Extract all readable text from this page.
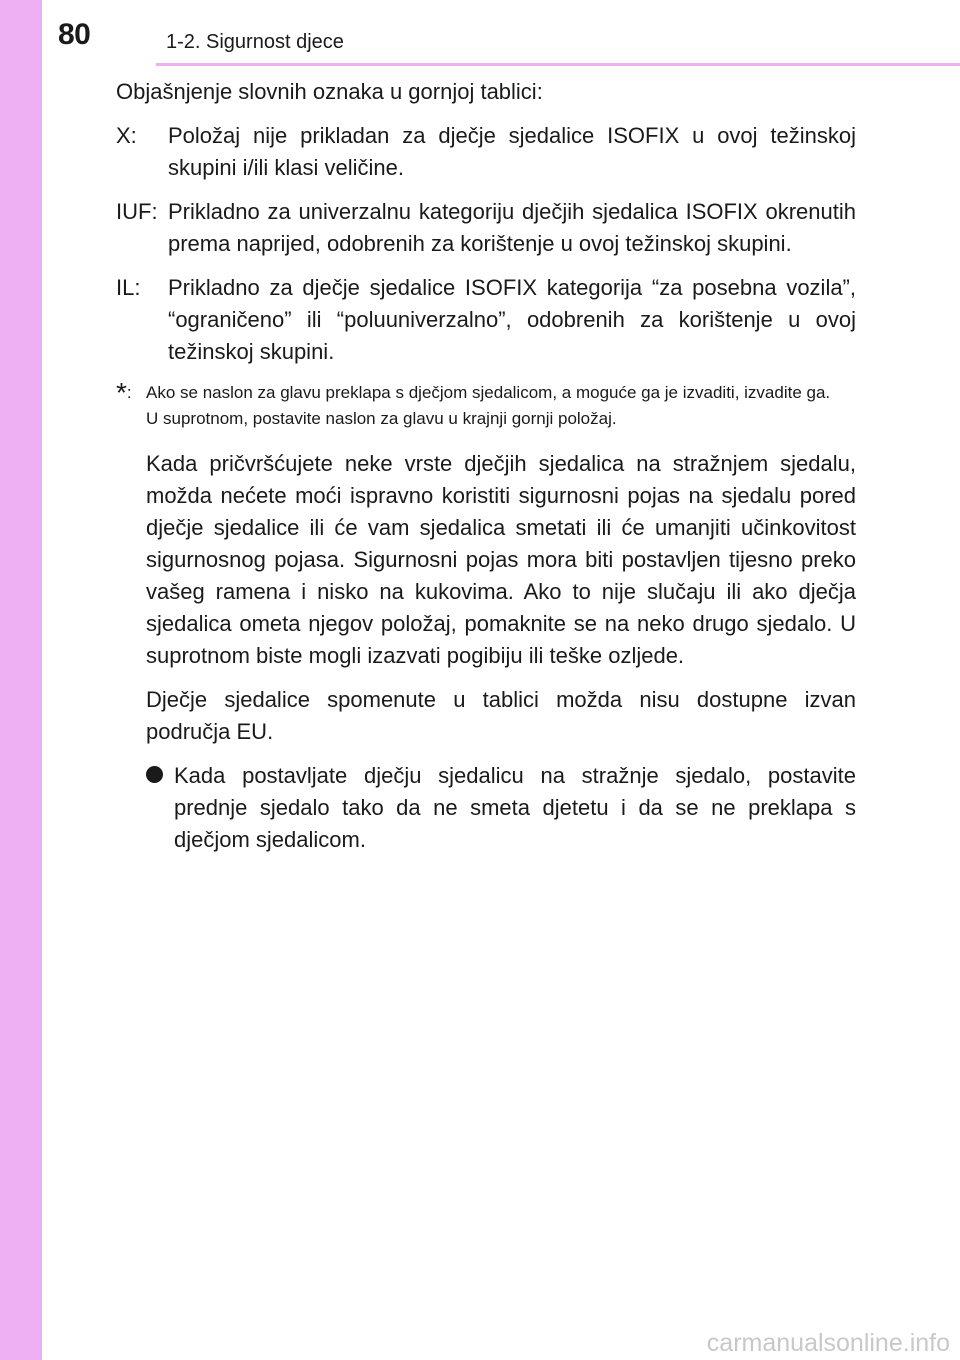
80	1-2. Sigurnost djece

Objašnjenje slovnih oznaka u gornjoj tablici:

X:	Položaj nije prikladan za dječje sjedalice ISOFIX u ovoj težinskoj skupini i/ili klasi veličine.
IUF: Prikladno za univerzalnu kategoriju dječjih sjedalica ISOFIX okrenutih prema naprijed, odobrenih za korištenje u ovoj težinskoj skupini.
IL:	Prikladno za dječje sjedalice ISOFIX kategorija “za posebna vozila”, “ograničeno” ili “poluuniverzalno”, odobrenih za korištenje u ovoj težinskoj skupini.
*: Ako se naslon za glavu preklapa s dječjom sjedalicom, a moguće ga je izvaditi, izvadite ga.
U suprotnom, postavite naslon za glavu u krajnji gornji položaj.

Kada pričvršćujete neke vrste dječjih sjedalica na stražnjem sjedalu, možda nećete moći ispravno koristiti sigurnosni pojas na sjedalu pored dječje sjedalice ili će vam sjedalica smetati ili će umanjiti učinkovitost sigurnosnog pojasa. Sigurnosni pojas mora biti postavljen tijesno preko vašeg ramena i nisko na kukovima. Ako to nije slučaju ili ako dječja sjedalica ometa njegov položaj, pomaknite se na neko drugo sjedalo. U suprotnom biste mogli izazvati pogibiju ili teške ozljede.

Dječje sjedalice spomenute u tablici možda nisu dostupne izvan područja EU.

Kada postavljate dječju sjedalicu na stražnje sjedalo, postavite prednje sjedalo tako da ne smeta djetetu i da se ne preklapa s dječjom sjedalicom.
carmanualsonline.info
